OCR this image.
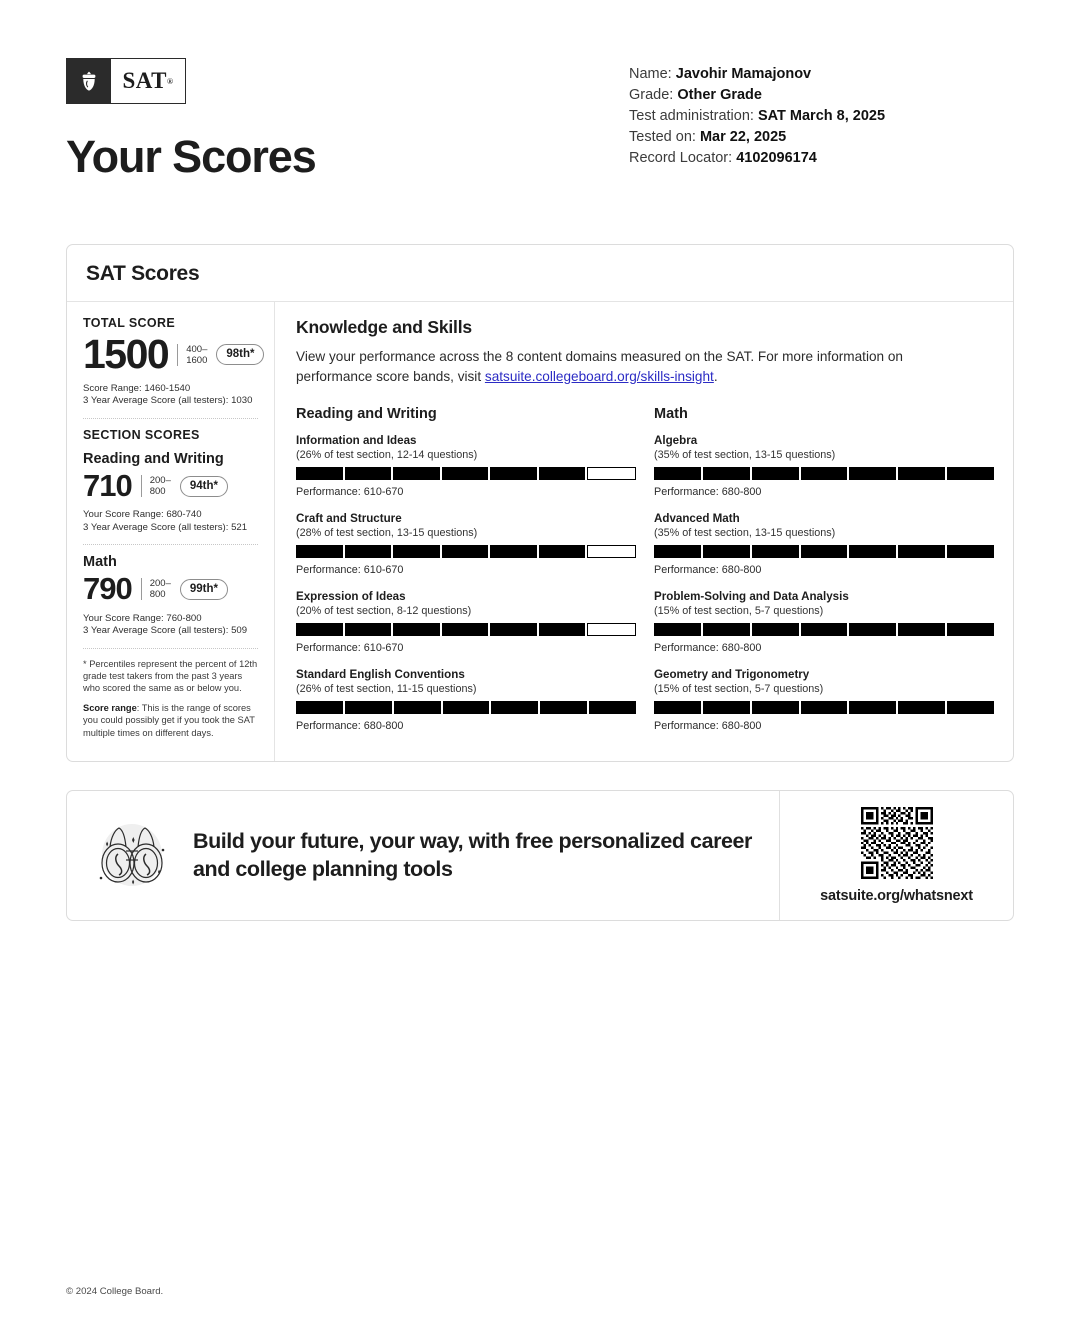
SAT ®
Your Scores
Name: Javohir Mamajonov
Grade: Other Grade
Test administration: SAT March 8, 2025
Tested on: Mar 22, 2025
Record Locator: 4102096174
SAT Scores
TOTAL SCORE
1500 400–
1600	98th*
Score Range: 1460-1540
3 Year Average Score (all testers): 1030
SECTION SCORES
Reading and Writing
710 200–
800	94th*
Your Score Range: 680-740
3 Year Average Score (all testers): 521
Math
790 200–
800	99th*
Your Score Range: 760-800
3 Year Average Score (all testers): 509
* Percentiles represent the percent of 12th grade test takers from the past 3 years who scored the same as or below you.
Score range: This is the range of scores you could possibly get if you took the SAT multiple times on different days.
Knowledge and Skills
View your performance across the 8 content domains measured on the SAT. For more information on performance score bands, visit satsuite.collegeboard.org/skills-insight.
Reading and Writing
Information and Ideas
(26% of test section, 12-14 questions)
Performance: 610-670
Craft and Structure
(28% of test section, 13-15 questions)
Performance: 610-670
Expression of Ideas
(20% of test section, 8-12 questions)
Performance: 610-670
Standard English Conventions
(26% of test section, 11-15 questions)
Performance: 680-800
Math
Algebra
(35% of test section, 13-15 questions)
Performance: 680-800
Advanced Math
(35% of test section, 13-15 questions)
Performance: 680-800
Problem-Solving and Data Analysis
(15% of test section, 5-7 questions)
Performance: 680-800
Geometry and Trigonometry
(15% of test section, 5-7 questions)
Performance: 680-800
Build your future, your way, with free personalized career and college planning tools
satsuite.org/whatsnext
© 2024 College Board.
